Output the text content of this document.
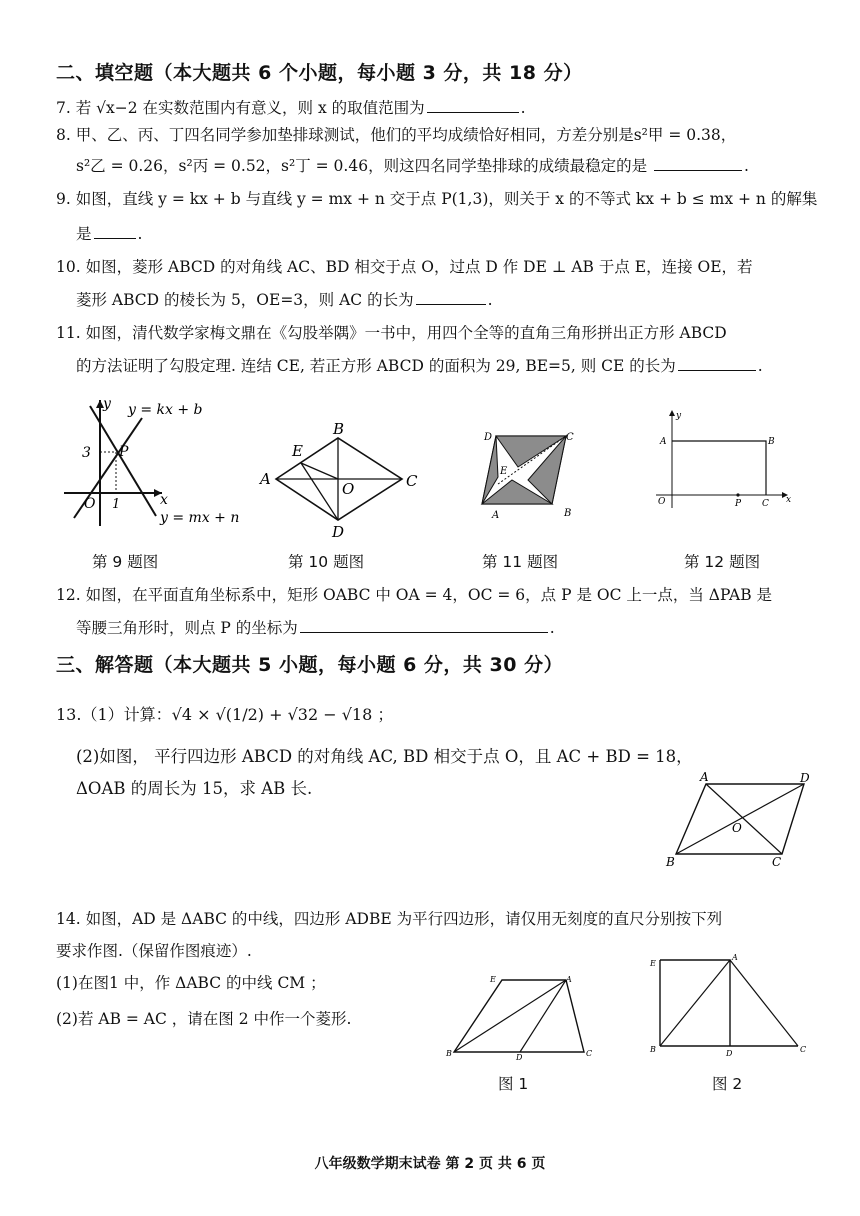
二、填空题（本大题共 6 个小题，每小题 3 分，共 18 分）
7. 若 √x−2 在实数范围内有意义，则 x 的取值范围为	.
8. 甲、乙、丙、丁四名同学参加垫排球测试，他们的平均成绩恰好相同，方差分别是s²甲 = 0.38，
s²乙 = 0.26，s²丙 = 0.52，s²丁 = 0.46，则这四名同学垫排球的成绩最稳定的是	.
9. 如图，直线 y = kx + b 与直线 y = mx + n 交于点 P(1,3)，则关于 x 的不等式 kx + b ≤ mx + n 的解集
是	.
10. 如图，菱形 ABCD 的对角线 AC、BD 相交于点 O，过点 D 作 DE ⊥ AB 于点 E，连接 OE，若
菱形 ABCD 的棱长为 5，OE=3，则 AC 的长为	.
11. 如图，清代数学家梅文鼎在《勾股举隅》一书中，用四个全等的直角三角形拼出正方形 ABCD
的方法证明了勾股定理. 连结 CE, 若正方形 ABCD 的面积为 29, BE=5, 则 CE 的长为	.
y
x
O
3
1
P
y = kx + b
y = mx + n
E
B
A	C
D
O
D	C
E
A	B
y
x
O
A	B
C
P
第 9 题图	第 10 题图	第 11 题图	第 12 题图
12. 如图，在平面直角坐标系中，矩形 OABC 中 OA = 4，OC = 6，点 P 是 OC 上一点，当 ΔPAB 是
等腰三角形时，则点 P 的坐标为	.
三、解答题（本大题共 5 小题，每小题 6 分，共 30 分）
13.（1）计算：√4 × √(1/2) + √32 − √18 ；
(2)如图， 平行四边形 ABCD 的对角线 AC, BD 相交于点 O，且 AC + BD = 18，
ΔOAB 的周长为 15，求 AB 长.
A	D
B	C
O
14. 如图，AD 是 ΔABC 的中线，四边形 ADBE 为平行四边形，请仅用无刻度的直尺分别按下列
要求作图.（保留作图痕迹）.
(1)在图1 中，作 ΔABC 的中线 CM ；
(2)若 AB = AC ，请在图 2 中作一个菱形.
E	A
B	D	C
图 1
E
A
B	D	C
图 2
八年级数学期末试卷 第 2 页 共 6 页
